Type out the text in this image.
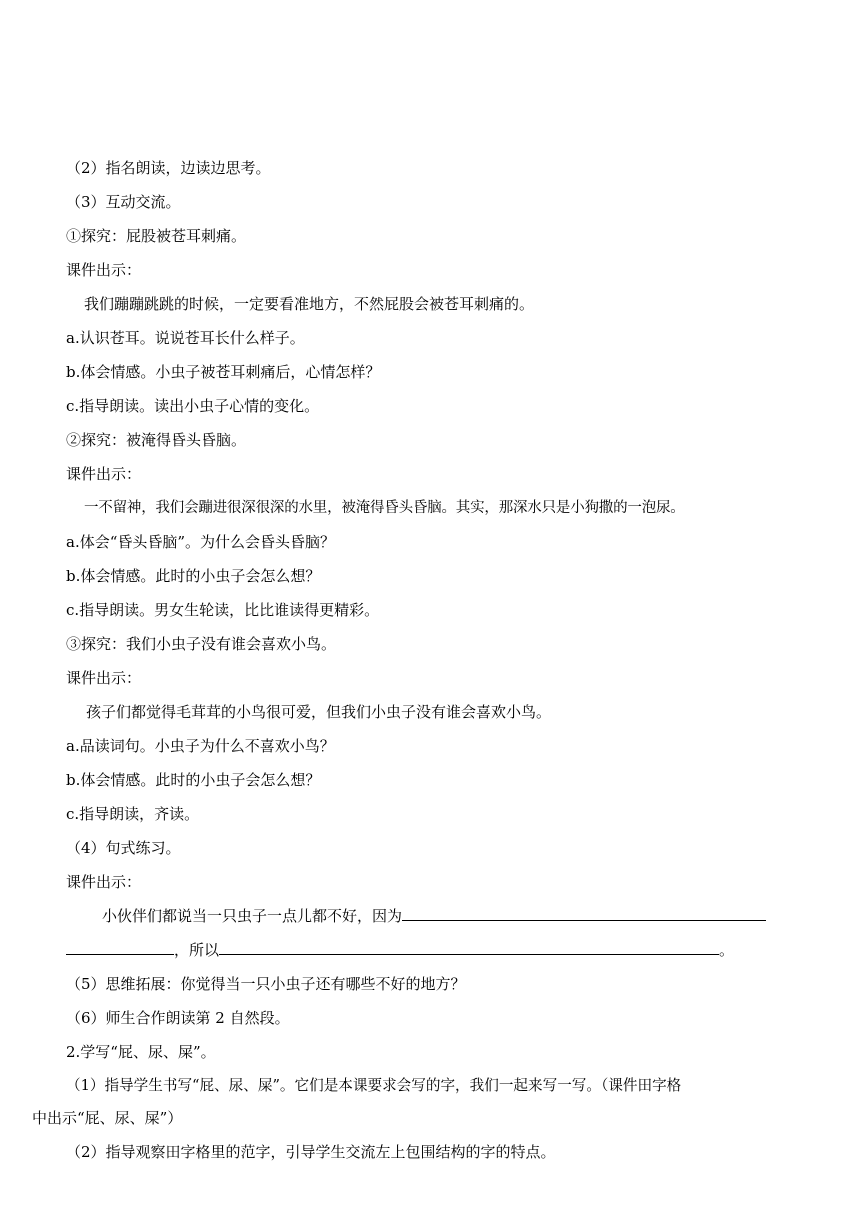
（2）指名朗读，边读边思考。
（3）互动交流。
①探究：屁股被苍耳刺痛。
课件出示：
我们蹦蹦跳跳的时候，一定要看准地方，不然屁股会被苍耳刺痛的。
a.认识苍耳。说说苍耳长什么样子。
b.体会情感。小虫子被苍耳刺痛后，心情怎样？
c.指导朗读。读出小虫子心情的变化。
②探究：被淹得昏头昏脑。
课件出示：
一不留神，我们会蹦进很深很深的水里，被淹得昏头昏脑。其实，那深水只是小狗撒的一泡尿。
a.体会“昏头昏脑”。为什么会昏头昏脑？
b.体会情感。此时的小虫子会怎么想？
c.指导朗读。男女生轮读，比比谁读得更精彩。
③探究：我们小虫子没有谁会喜欢小鸟。
课件出示：
孩子们都觉得毛茸茸的小鸟很可爱，但我们小虫子没有谁会喜欢小鸟。
a.品读词句。小虫子为什么不喜欢小鸟？
b.体会情感。此时的小虫子会怎么想？
c.指导朗读，齐读。
（4）句式练习。
课件出示：
小伙伴们都说当一只虫子一点儿都不好，因为
，所以	。
（5）思维拓展：你觉得当一只小虫子还有哪些不好的地方？
（6）师生合作朗读第 2 自然段。
2.学写“屁、尿、屎”。
（1）指导学生书写“屁、尿、屎”。它们是本课要求会写的字，我们一起来写一写。（课件田字格
中出示“屁、尿、屎”）
（2）指导观察田字格里的范字，引导学生交流左上包围结构的字的特点。
